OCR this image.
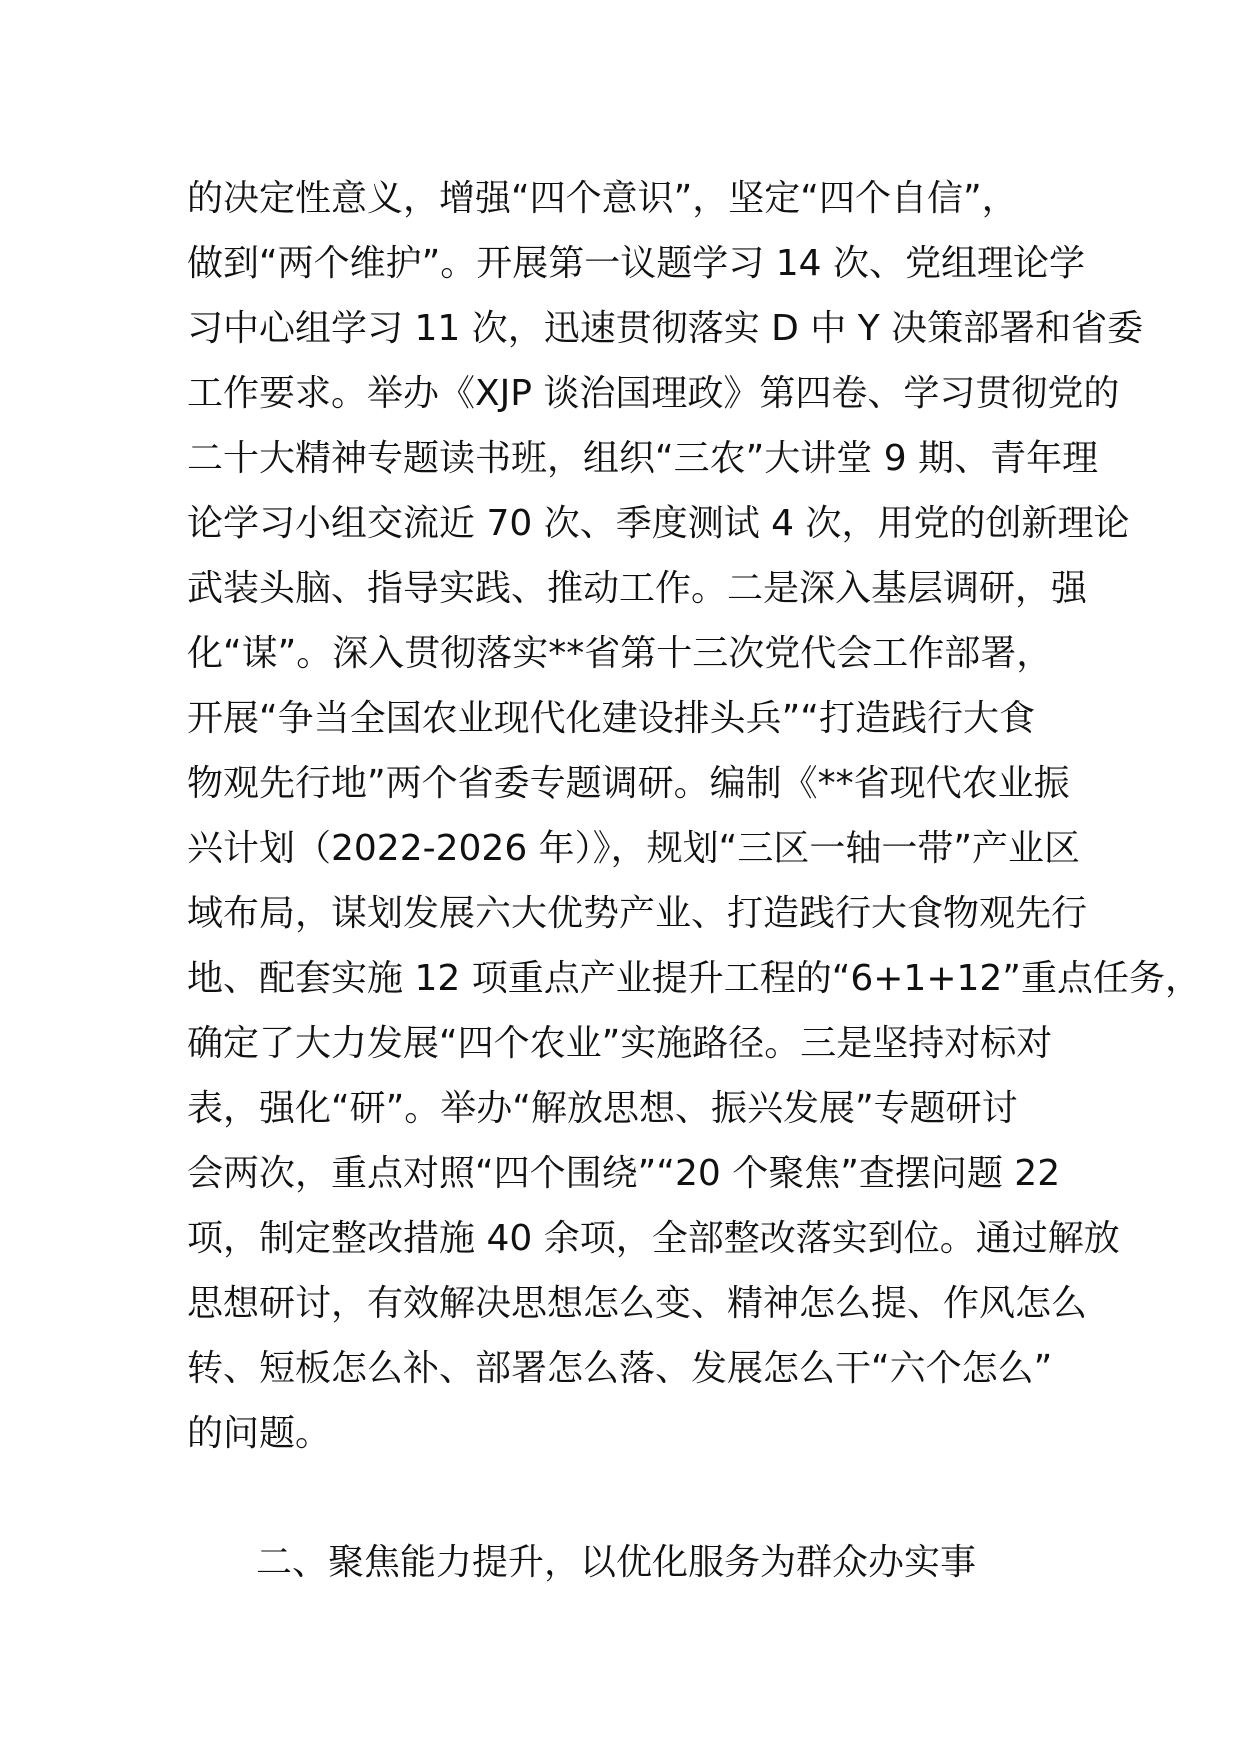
的决定性意义，增强“四个意识”，坚定“四个自信”，
做到“两个维护”。开展第一议题学习 14 次、党组理论学
习中心组学习 11 次，迅速贯彻落实 D 中 Y 决策部署和省委
工作要求。举办《XJP 谈治国理政》第四卷、学习贯彻党的
二十大精神专题读书班，组织“三农”大讲堂 9 期、青年理
论学习小组交流近 70 次、季度测试 4 次，用党的创新理论
武装头脑、指导实践、推动工作。二是深入基层调研，强
化“谋”。深入贯彻落实**省第十三次党代会工作部署，
开展“争当全国农业现代化建设排头兵”“打造践行大食
物观先行地”两个省委专题调研。编制《**省现代农业振
兴计划（2022-2026 年）》，规划“三区一轴一带”产业区
域布局，谋划发展六大优势产业、打造践行大食物观先行
地、配套实施 12 项重点产业提升工程的“6+1+12”重点任务，
确定了大力发展“四个农业”实施路径。三是坚持对标对
表，强化“研”。举办“解放思想、振兴发展”专题研讨
会两次，重点对照“四个围绕”“20 个聚焦”查摆问题 22
项，制定整改措施 40 余项，全部整改落实到位。通过解放
思想研讨，有效解决思想怎么变、精神怎么提、作风怎么
转、短板怎么补、部署怎么落、发展怎么干“六个怎么”
的问题。
二、聚焦能力提升，以优化服务为群众办实事
